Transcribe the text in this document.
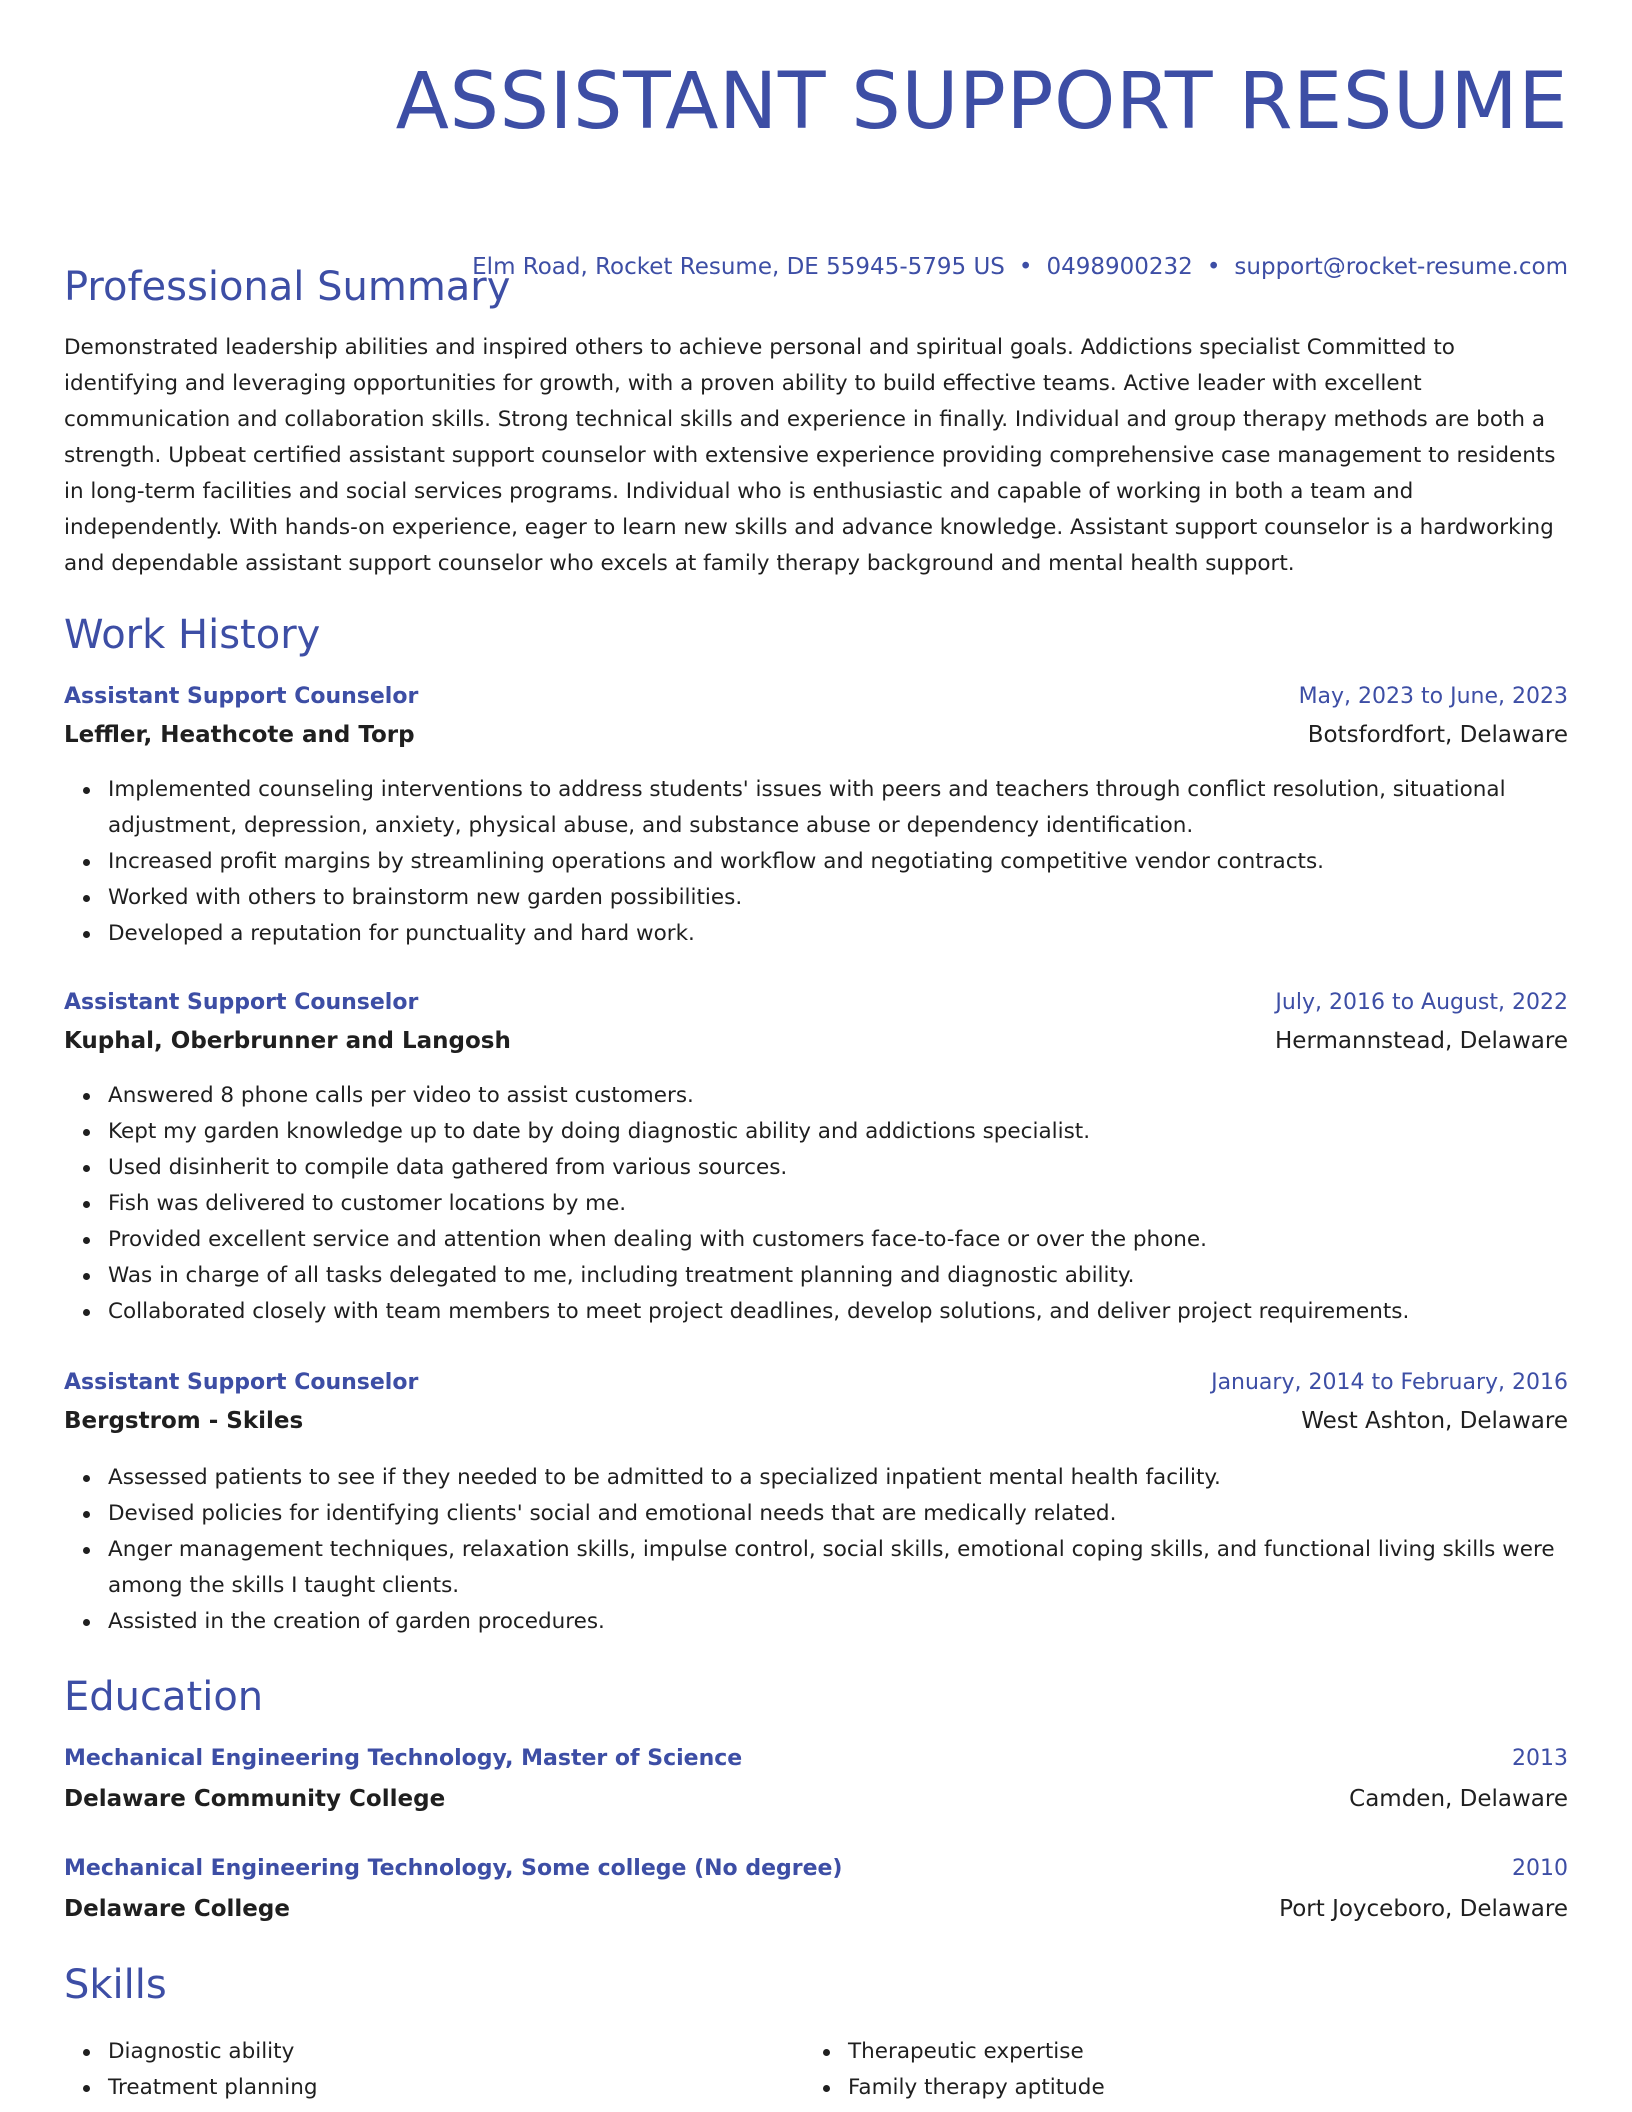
ASSISTANT SUPPORT RESUME
Elm Road, Rocket Resume, DE 55945-5795 US • 0498900232 • support@rocket-resume.com
Professional Summary

Demonstrated leadership abilities and inspired others to achieve personal and spiritual goals. Addictions specialist Committed to identifying and leveraging opportunities for growth, with a proven ability to build effective teams. Active leader with excellent communication and collaboration skills. Strong technical skills and experience in finally. Individual and group therapy methods are both a strength. Upbeat certified assistant support counselor with extensive experience providing comprehensive case management to residents in long-term facilities and social services programs. Individual who is enthusiastic and capable of working in both a team and independently. With hands-on experience, eager to learn new skills and advance knowledge. Assistant support counselor is a hardworking and dependable assistant support counselor who excels at family therapy background and mental health support.

Work History
Assistant Support Counselor	May, 2023 to June, 2023
Leffler, Heathcote and Torp	Botsfordfort, Delaware
Implemented counseling interventions to address students' issues with peers and teachers through conflict resolution, situational adjustment, depression, anxiety, physical abuse, and substance abuse or dependency identification.
Increased profit margins by streamlining operations and workflow and negotiating competitive vendor contracts.
Worked with others to brainstorm new garden possibilities.
Developed a reputation for punctuality and hard work.
Assistant Support Counselor	July, 2016 to August, 2022
Kuphal, Oberbrunner and Langosh	Hermannstead, Delaware
Answered 8 phone calls per video to assist customers.
Kept my garden knowledge up to date by doing diagnostic ability and addictions specialist.
Used disinherit to compile data gathered from various sources.
Fish was delivered to customer locations by me.
Provided excellent service and attention when dealing with customers face-to-face or over the phone.
Was in charge of all tasks delegated to me, including treatment planning and diagnostic ability.
Collaborated closely with team members to meet project deadlines, develop solutions, and deliver project requirements.
Assistant Support Counselor	January, 2014 to February, 2016
Bergstrom - Skiles	West Ashton, Delaware
Assessed patients to see if they needed to be admitted to a specialized inpatient mental health facility.
Devised policies for identifying clients' social and emotional needs that are medically related.
Anger management techniques, relaxation skills, impulse control, social skills, emotional coping skills, and functional living skills were among the skills I taught clients.
Assisted in the creation of garden procedures.
Education
Mechanical Engineering Technology, Master of Science	2013
Delaware Community College	Camden, Delaware
Mechanical Engineering Technology, Some college (No degree)	2010
Delaware College	Port Joyceboro, Delaware
Skills
Diagnostic ability
Treatment planning
Therapeutic expertise
Family therapy aptitude
